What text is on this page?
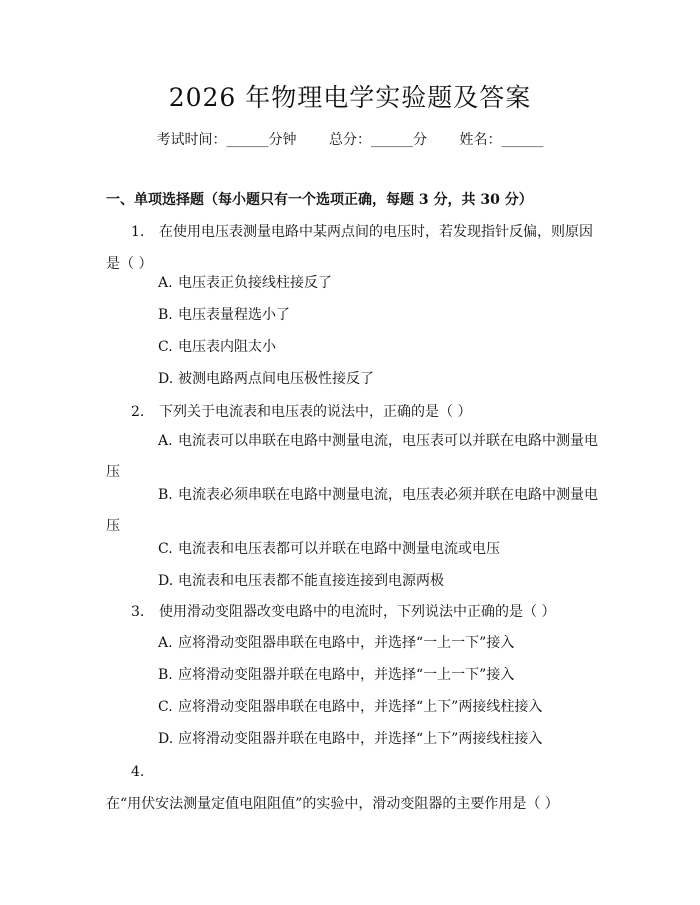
2026 年物理电学实验题及答案
考试时间：______分钟 总分：______分 姓名：______
一、单项选择题（每小题只有一个选项正确，每题 3 分，共 30 分）
1. 在使用电压表测量电路中某两点间的电压时，若发现指针反偏，则原因是（ ）
A. 电压表正负接线柱接反了
B. 电压表量程选小了
C. 电压表内阻太小
D. 被测电路两点间电压极性接反了
2. 下列关于电流表和电压表的说法中，正确的是（ ）
A. 电流表可以串联在电路中测量电流，电压表可以并联在电路中测量电压
B. 电流表必须串联在电路中测量电流，电压表必须并联在电路中测量电压
C. 电流表和电压表都可以并联在电路中测量电流或电压
D. 电流表和电压表都不能直接连接到电源两极
3. 使用滑动变阻器改变电路中的电流时，下列说法中正确的是（ ）
A. 应将滑动变阻器串联在电路中，并选择“一上一下”接入
B. 应将滑动变阻器并联在电路中，并选择“一上一下”接入
C. 应将滑动变阻器串联在电路中，并选择“上下”两接线柱接入
D. 应将滑动变阻器并联在电路中，并选择“上下”两接线柱接入
4.在“用伏安法测量定值电阻阻值”的实验中，滑动变阻器的主要作用是（ ）
